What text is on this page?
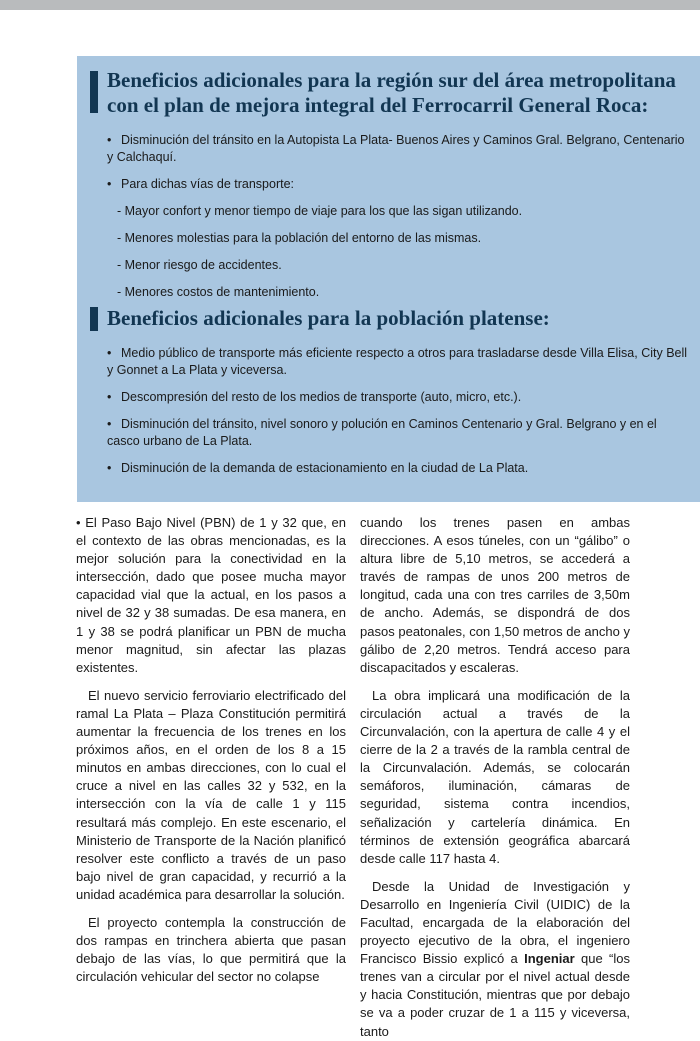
Beneficios adicionales para la región sur del área metropolitana con el plan de mejora integral del Ferrocarril General Roca:
• Disminución del tránsito en la Autopista La Plata- Buenos Aires y Caminos Gral. Belgrano, Centenario y Calchaquí.
• Para dichas vías de transporte:
- Mayor confort y menor tiempo de viaje para los que las sigan utilizando.
- Menores molestias para la población del entorno de las mismas.
- Menor riesgo de accidentes.
- Menores costos de mantenimiento.
Beneficios adicionales para la población platense:
• Medio público de transporte más eficiente respecto a otros para trasladarse desde Villa Elisa, City Bell y Gonnet a La Plata y viceversa.
• Descompresión del resto de los medios de transporte (auto, micro, etc.).
• Disminución del tránsito, nivel sonoro y polución en Caminos Centenario y Gral. Belgrano y en el casco urbano de La Plata.
• Disminución de la demanda de estacionamiento en la ciudad de La Plata.

• El Paso Bajo Nivel (PBN) de 1 y 32 que, en el contexto de las obras mencionadas, es la mejor solución para la conectividad en la intersección, dado que posee mucha mayor capacidad vial que la actual, en los pasos a nivel de 32 y 38 sumadas. De esa manera, en 1 y 38 se podrá planificar un PBN de mucha menor magnitud, sin afectar las plazas existentes.

El nuevo servicio ferroviario electrificado del ramal La Plata – Plaza Constitución permitirá aumentar la frecuencia de los trenes en los próximos años, en el orden de los 8 a 15 minutos en ambas direcciones, con lo cual el cruce a nivel en las calles 32 y 532, en la intersección con la vía de calle 1 y 115 resultará más complejo. En este escenario, el Ministerio de Transporte de la Nación planificó resolver este conflicto a través de un paso bajo nivel de gran capacidad, y recurrió a la unidad académica para desarrollar la solución.

El proyecto contempla la construcción de dos rampas en trinchera abierta que pasan debajo de las vías, lo que permitirá que la circulación vehicular del sector no colapse

cuando los trenes pasen en ambas direcciones. A esos túneles, con un “gálibo” o altura libre de 5,10 metros, se accederá a través de rampas de unos 200 metros de longitud, cada una con tres carriles de 3,50m de ancho. Además, se dispondrá de dos pasos peatonales, con 1,50 metros de ancho y gálibo de 2,20 metros. Tendrá acceso para discapacitados y escaleras.

La obra implicará una modificación de la circulación actual a través de la Circunvalación, con la apertura de calle 4 y el cierre de la 2 a través de la rambla central de la Circunvalación. Además, se colocarán semáforos, iluminación, cámaras de seguridad, sistema contra incendios, señalización y cartelería dinámica. En términos de extensión geográfica abarcará desde calle 117 hasta 4.

Desde la Unidad de Investigación y Desarrollo en Ingeniería Civil (UIDIC) de la Facultad, encargada de la elaboración del proyecto ejecutivo de la obra, el ingeniero Francisco Bissio explicó a Ingeniar que “los trenes van a circular por el nivel actual desde y hacia Constitución, mientras que por debajo se va a poder cruzar de 1 a 115 y viceversa, tanto
